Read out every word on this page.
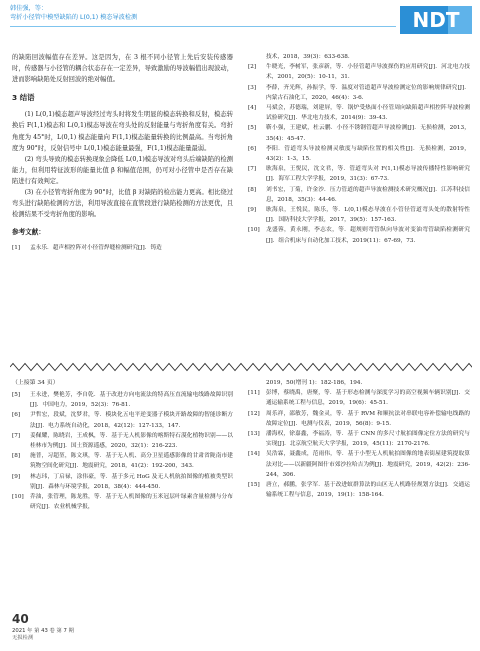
韩佳强，等：
弯折小径管中模型缺陷的 L(0,1) 模态导波检测	NDT

的缺陷回波幅值存在差异。这是因为，在 3 根不同小径管上先后安装传感器时，传感器与小径管的耦合状态存在一定差异，导致激励的导波幅值出现波动，进而影响缺陷处反射回波的绝对幅值。

3 结语

(1) L(0,1)模态超声导波经过弯头时将发生明显的模态转换和反射，模态转换后 F(1,1)模态和 L(0,1)模态导波在弯头处的反射能量与弯折角度有关。弯折角度为 45°时，L(0,1) 模态能量向 F(1,1)模态能量转换的比例最高。当弯折角度为 90°时，反射信号中 L(0,1)模态能量最强，F(1,1)模态能量最弱。

(2) 弯头导致的模态转换现象会降低 L(0,1)模态导波对弯头后端缺陷的检测能力，但利用特征波形的能量比值 β 和幅值范围，仍可对小径管中是否存在缺陷进行有效判定。

(3) 在小径管弯折角度为 90°时，比值 β 对缺陷的检出能力更高。相比绕过弯头进行缺陷检测的方法，利用导波直接在直管段进行缺陷检测的方法更优，且检测结果不受弯折角度的影响。

参考文献：
[1] 孟永乐．超声相控阵对小径管焊缝检测研究[J]．铸造
技术，2018，39(3)：633-638.
[2] 牛晓光，李树军，张彦新，等．小径管超声导波探伤的应用研究[J]．河北电力技术，2001，20(5)：10-11，31.
[3] 李薛，齐光辉，孙振学，等．温度对管道超声导波检测定位的影响规律研究[J]．内蒙古石油化工，2020，46(4)：3-6.
[4] 马斌会，苏德瑞，刘建屏，等．锅炉受热面小径管周向缺陷超声相控阵导波检测试验研究[J]．华北电力技术，2014(9)：39-43.
[5] 靳小强，王建斌，杜云鹏．小径不锈钢管超声导波检测[J]．无损检测，2013，35(4)：45-47.
[6] 李阳．管道弯头导波检测灵敏度与缺陷位置的相关性[J]．无损检测，2019，43(2)：1-3，15.
[7] 耿海泉，王悦民，沈文君，等．管道弯头对 F(1,1)模态导波传播特性影响研究[J]．海军工程大学学报，2019，31(3)：67-73.
[8] 刘书宏，丁菊，许金沙．压力管道的超声导波检测技术研究概况[J]．江苏科技信息，2018，35(3)：44-46.
[9] 耿海泉，王悦民，陈乐，等．L(0,1)模态导波在小管径管道弯头处的散射特性[J]．国防科技大学学报，2017，39(5)：157-163.
[10] 龙盛蓉，黄永刚，李志农，等．超规则弯管纵向导波对变油弯管缺陷检测研究[J]．组合机床与自动化加工技术，2019(11)：67-69，73.
（上接第 34 页）
[5] 王永进，樊艳芳，李自乾．基于改进方向电流法的特高压直流输电线路故障识别[J]．中国电力，2019，52(3)：76-81.
[6] 尹哲宏，段斌，沈梦君，等．模块化五电平逆变器子模块开路故障的智能诊断方法[J]．电力系统自动化，2018，42(12)：127-133，147.
[7] 姜佩耀，陈晓岩，王成枫，等．基于无人机影像的喀斯特石漠化植物识别——以桂林市为例[J]．国土资源遥感，2020，32(1)：216-223.
[8] 施普，习超堃，陈文琪，等．基于无人机、高分卫星遥感影像的甘肃省陇南市建筑物空间化研究[J]．地震研究，2018，41(2)：192-200，343.
[9] 林志玮，丁启禄，涂伟豪，等．基于多元 HoG 及无人机航拍图像的植被类型识别[J]．森林与环境学报，2018，38(4)：444-450.
[10] 乔油，张管理，陈龙胜，等．基于无人机图像的玉米冠层叶绿素含量检测与分布研究[J]．农业机械学报，
2019，50(增刊 1)：182-186，194.
[11] 彭博，蔡晓禹，唐聚，等．基于形态检测与深度学习的高空视频车辆识别[J]．交通运输系统工程与信息，2019，19(6)：45-51.
[12] 周乐祥，邵敏芳，魏金灵，等．基于 RVM 和顺抗法对串联电容补偿输电线路的故障定位[J]．电测与仪表，2019，56(8)：9-15.
[13] 潘海权，徐嘉鑫，李福涛，等．基于 CNN 的多尺寸航拍图像定位方法的研究与实现[J]．北京航空航天大学学报，2019，45(11)：2170-2176.
[14] 吴浩霖，聂鑫成，范雨伟，等．基于小型无人机航拍图像的地表街屋建筑提取算法对比——以新疆阿图什市郊沙拉哈吉为例[J]．地震研究，2019，42(2)：236-244，306.
[15] 唐立，郝鹏，张学军．基于改进蚁群算法的山区无人机路径规划方法[J]．交通运输系统工程与信息，2019，19(1)：158-164.
40
2021 年 第 43 卷 第 7 期
无损检测
